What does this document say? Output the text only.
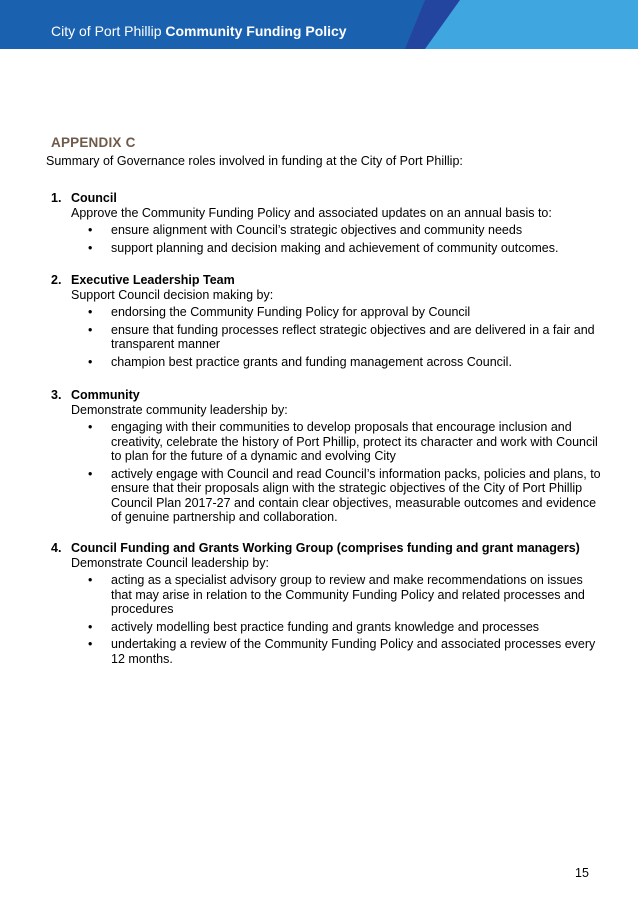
City of Port Phillip Community Funding Policy
APPENDIX C
Summary of Governance roles involved in funding at the City of Port Phillip:
1. Council
Approve the Community Funding Policy and associated updates on an annual basis to:
• ensure alignment with Council’s strategic objectives and community needs
• support planning and decision making and achievement of community outcomes.
2. Executive Leadership Team
Support Council decision making by:
• endorsing the Community Funding Policy for approval by Council
• ensure that funding processes reflect strategic objectives and are delivered in a fair and transparent manner
• champion best practice grants and funding management across Council.
3. Community
Demonstrate community leadership by:
• engaging with their communities to develop proposals that encourage inclusion and creativity, celebrate the history of Port Phillip, protect its character and work with Council to plan for the future of a dynamic and evolving City
• actively engage with Council and read Council’s information packs, policies and plans, to ensure that their proposals align with the strategic objectives of the City of Port Phillip Council Plan 2017-27 and contain clear objectives, measurable outcomes and evidence of genuine partnership and collaboration.
4. Council Funding and Grants Working Group (comprises funding and grant managers)
Demonstrate Council leadership by:
• acting as a specialist advisory group to review and make recommendations on issues that may arise in relation to the Community Funding Policy and related processes and procedures
• actively modelling best practice funding and grants knowledge and processes
• undertaking a review of the Community Funding Policy and associated processes every 12 months.
15
